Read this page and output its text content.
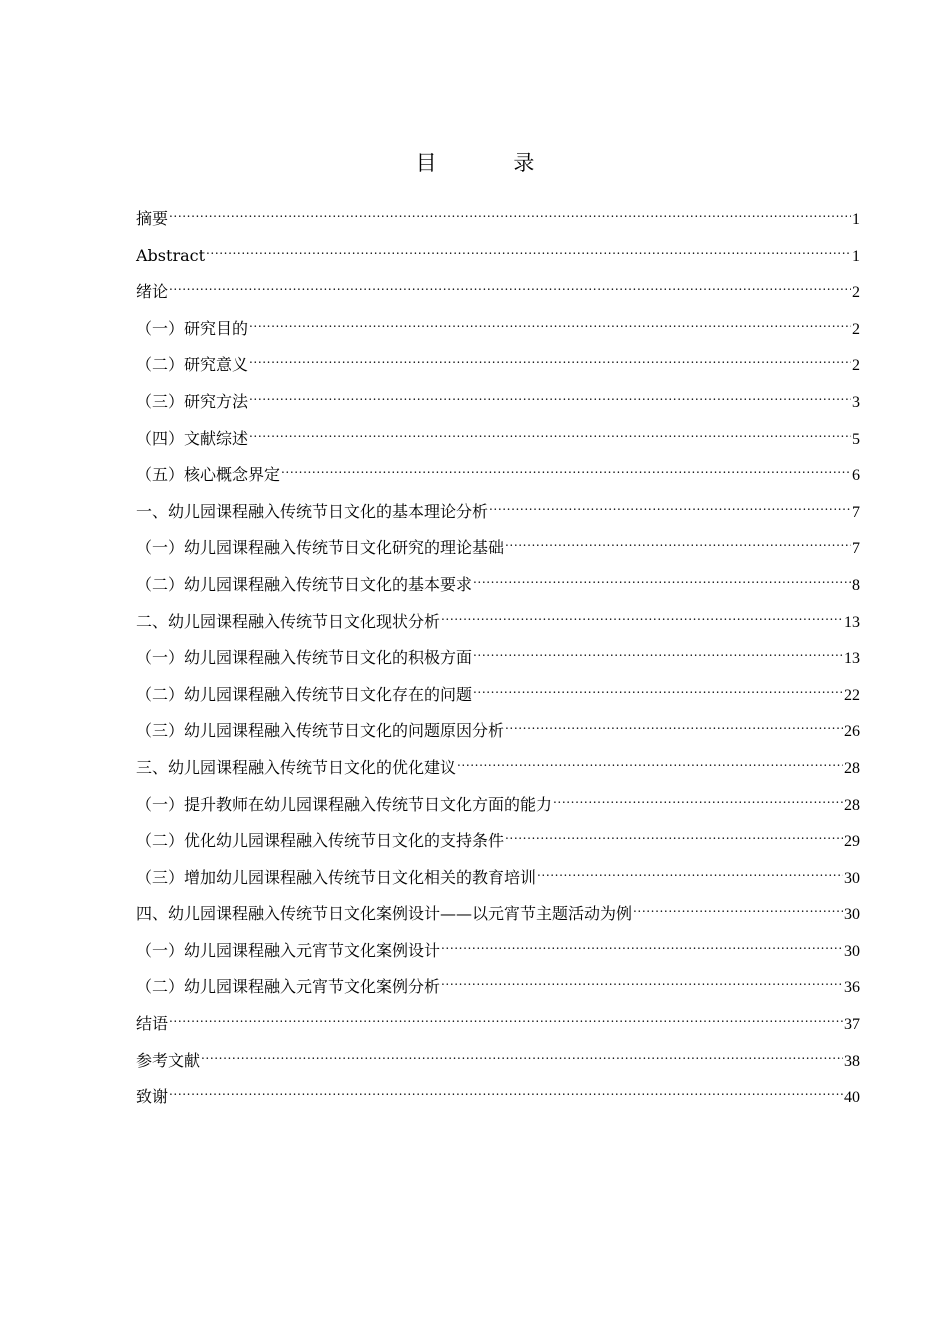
目 录
摘要 .....	1
Abstract .....	1
绪论 .....	2
（一）研究目的 .....	2
（二）研究意义 .....	2
（三）研究方法 .....	3
（四）文献综述 .....	5
（五）核心概念界定 .....	6
一、幼儿园课程融入传统节日文化的基本理论分析 .....	7
（一）幼儿园课程融入传统节日文化研究的理论基础 .....	7
（二）幼儿园课程融入传统节日文化的基本要求 .....	8
二、幼儿园课程融入传统节日文化现状分析 .....	13
（一）幼儿园课程融入传统节日文化的积极方面 .....	13
（二）幼儿园课程融入传统节日文化存在的问题 .....	22
（三）幼儿园课程融入传统节日文化的问题原因分析 .....	26
三、幼儿园课程融入传统节日文化的优化建议 .....	28
（一）提升教师在幼儿园课程融入传统节日文化方面的能力 .....	28
（二）优化幼儿园课程融入传统节日文化的支持条件 .....	29
（三）增加幼儿园课程融入传统节日文化相关的教育培训 .....	30
四、幼儿园课程融入传统节日文化案例设计——以元宵节主题活动为例 .....	30
（一）幼儿园课程融入元宵节文化案例设计 .....	30
（二）幼儿园课程融入元宵节文化案例分析 .....	36
结语 .....	37
参考文献 .....	38
致谢 .....	40
